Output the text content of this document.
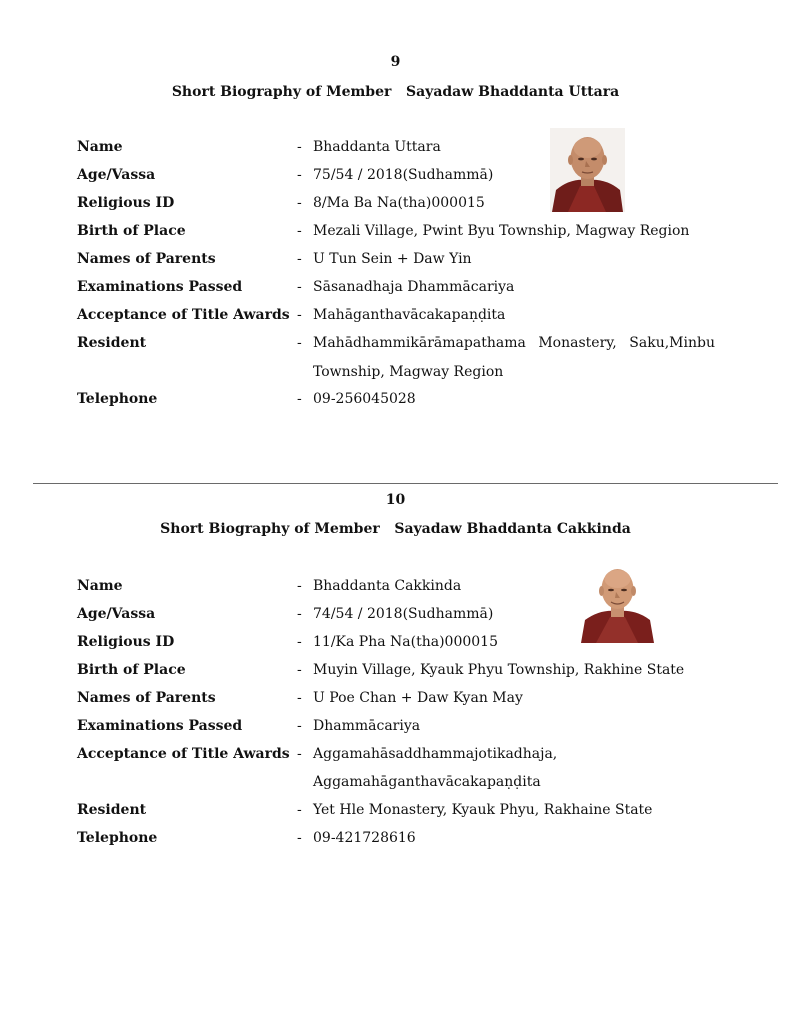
9
Short Biography of Member   Sayadaw Bhaddanta Uttara
Name	- Bhaddanta Uttara
Age/Vassa	- 75/54 / 2018(Sudhammā)
Religious ID	- 8/Ma Ba Na(tha)000015
Birth of Place	- Mezali Village, Pwint Byu Township, Magway Region
Names of Parents	- U Tun Sein + Daw Yin
Examinations Passed	- Sāsanadhaja Dhammācariya
Acceptance of Title Awards - Mahāganthavācakapaṇḍita
Resident	- Mahādhammikārāmapathama Monastery, Saku,Minbu
Township, Magway Region
Telephone	- 09-256045028
10
Short Biography of Member   Sayadaw Bhaddanta Cakkinda
Name	- Bhaddanta Cakkinda
Age/Vassa	- 74/54 / 2018(Sudhammā)
Religious ID	- 11/Ka Pha Na(tha)000015
Birth of Place	- Muyin Village, Kyauk Phyu Township, Rakhine State
Names of Parents	- U Poe Chan + Daw Kyan May
Examinations Passed	- Dhammācariya
Acceptance of Title Awards - Aggamahāsaddhammajotikadhaja,
Aggamahāganthavācakapaṇḍita
Resident	- Yet Hle Monastery, Kyauk Phyu, Rakhaine State
Telephone	- 09-421728616
